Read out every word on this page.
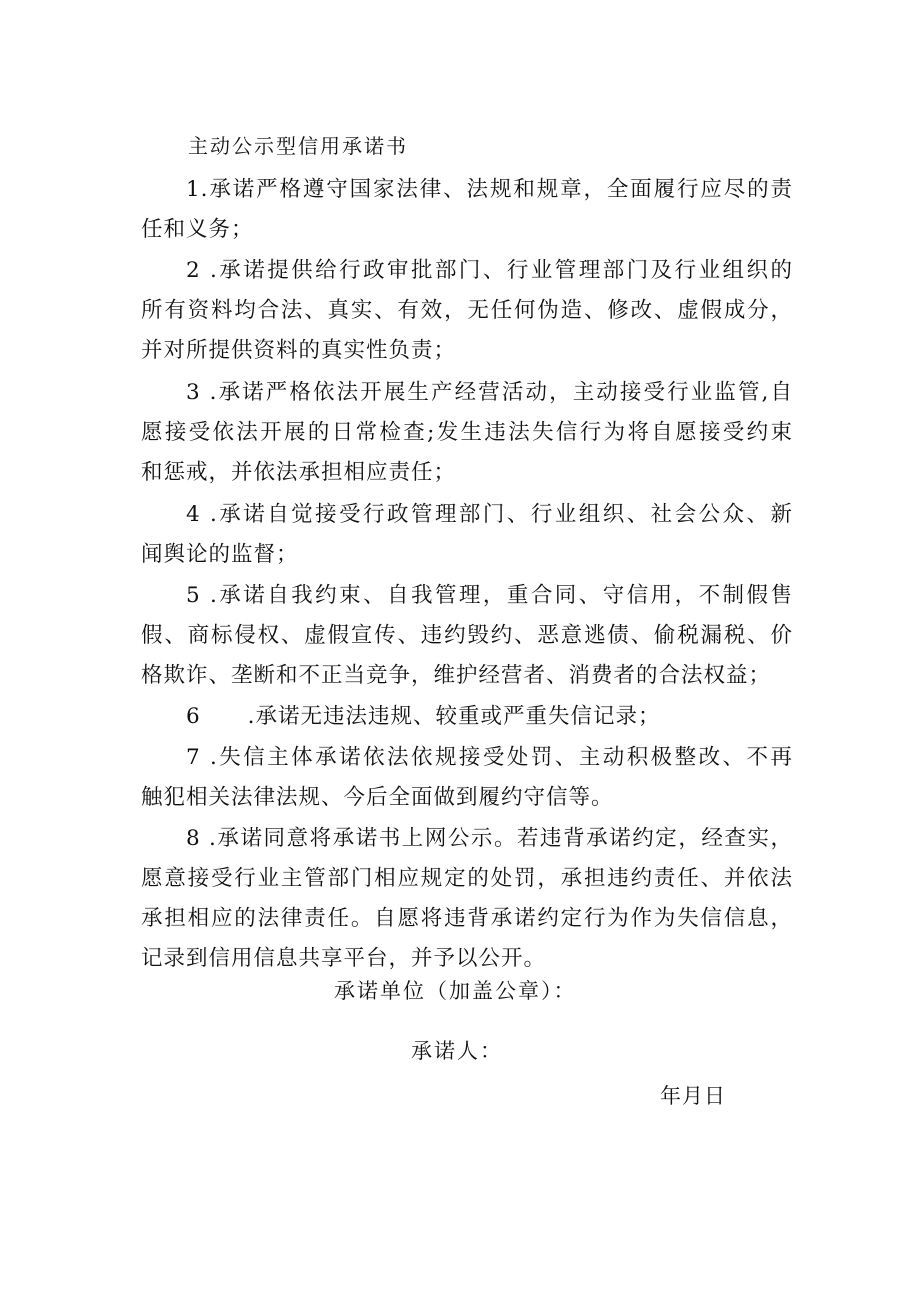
主动公示型信用承诺书
1.承诺严格遵守国家法律、法规和规章，全面履行应尽的责
任和义务；
2 .承诺提供给行政审批部门、行业管理部门及行业组织的
所有资料均合法、真实、有效，无任何伪造、修改、虚假成分，
并对所提供资料的真实性负责；
3 .承诺严格依法开展生产经营活动，主动接受行业监管,自
愿接受依法开展的日常检查;发生违法失信行为将自愿接受约束
和惩戒，并依法承担相应责任；
4 .承诺自觉接受行政管理部门、行业组织、社会公众、新
闻舆论的监督；
5 .承诺自我约束、自我管理，重合同、守信用，不制假售
假、商标侵权、虚假宣传、违约毁约、恶意逃债、偷税漏税、价
格欺诈、垄断和不正当竞争，维护经营者、消费者的合法权益；
6      .承诺无违法违规、较重或严重失信记录；
7 .失信主体承诺依法依规接受处罚、主动积极整改、不再
触犯相关法律法规、今后全面做到履约守信等。
8 .承诺同意将承诺书上网公示。若违背承诺约定，经查实，
愿意接受行业主管部门相应规定的处罚，承担违约责任、并依法
承担相应的法律责任。自愿将违背承诺约定行为作为失信信息，
记录到信用信息共享平台，并予以公开。
承诺单位（加盖公章）：
承诺人：
年月日
